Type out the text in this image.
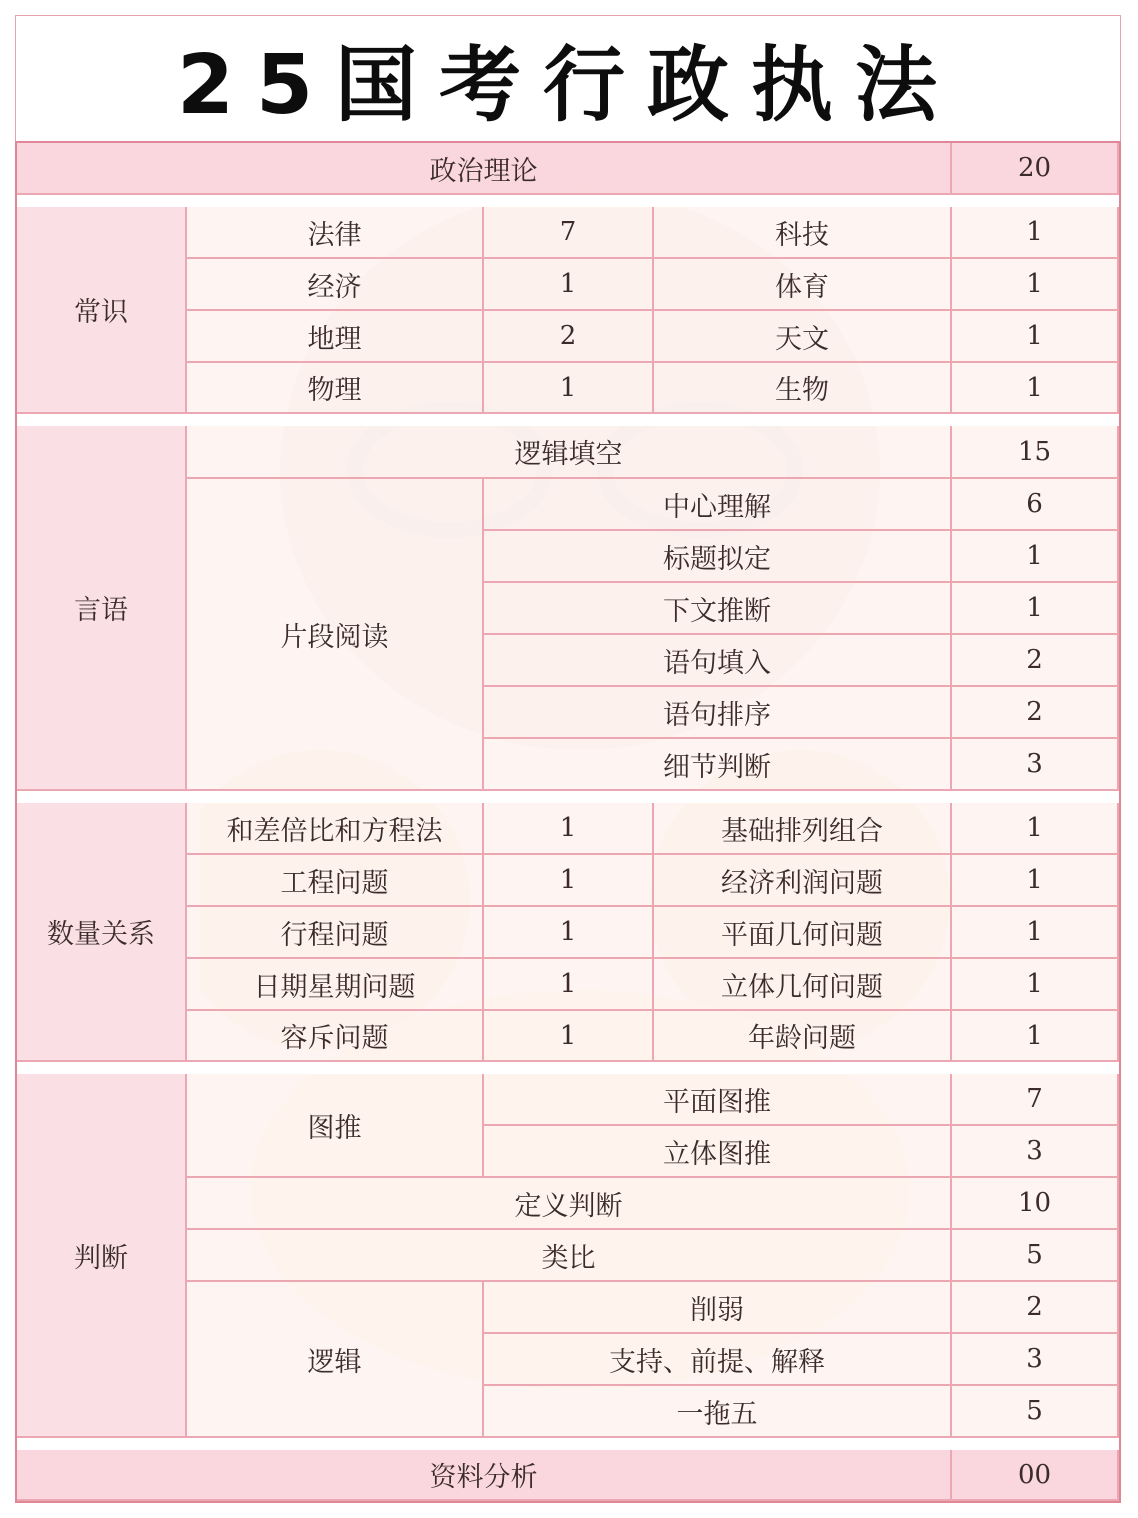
25国考行政执法
政治理论	20
常识
法律	7	科技	1
经济	1	体育	1
地理	2	天文	1
物理	1	生物	1
言语
逻辑填空	15
片段阅读
中心理解	6
标题拟定	1
下文推断	1
语句填入	2
语句排序	2
细节判断	3
数量关系
和差倍比和方程法	1	基础排列组合	1
工程问题	1	经济利润问题	1
行程问题	1	平面几何问题	1
日期星期问题	1	立体几何问题	1
容斥问题	1	年龄问题	1
判断
图推
平面图推	7
立体图推	3
定义判断	10
类比	5
逻辑
削弱	2
支持、前提、解释	3
一拖五	5
资料分析	00
